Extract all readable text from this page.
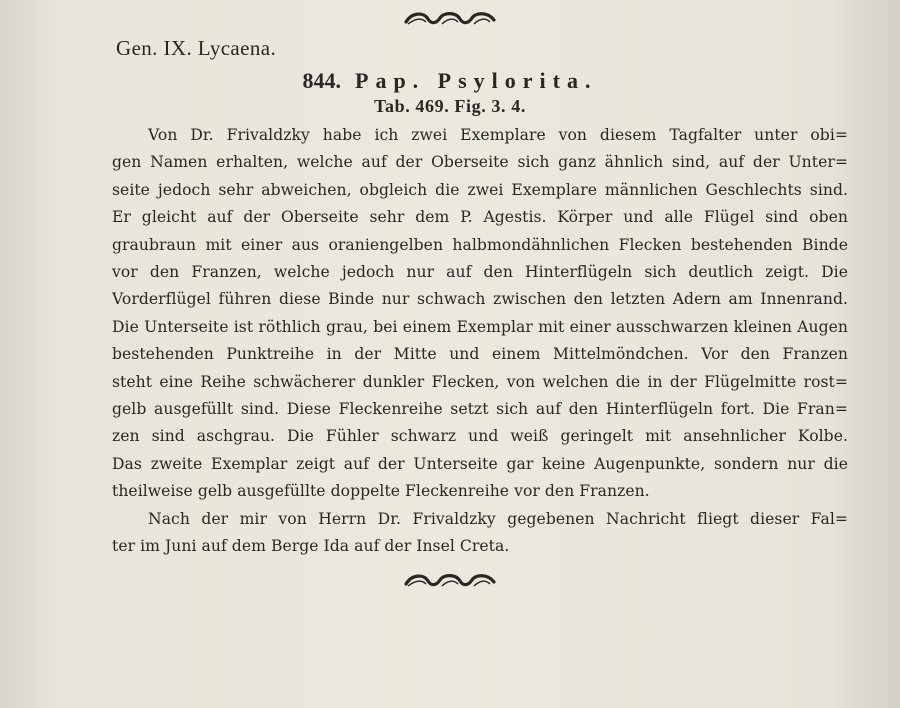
Gen. IX. Lycaena.
844. Pap. Psylorita.
Tab. 469. Fig. 3. 4.
Von Dr. Frivaldzky habe ich zwei Exemplare von diesem Tagfalter unter obi=
gen Namen erhalten, welche auf der Oberseite sich ganz ähnlich sind, auf der Unter=
seite jedoch sehr abweichen, obgleich die zwei Exemplare männlichen Geschlechts sind.
Er gleicht auf der Oberseite sehr dem P. Agestis. Körper und alle Flügel sind oben
graubraun mit einer aus oraniengelben halbmondähnlichen Flecken bestehenden Binde
vor den Franzen, welche jedoch nur auf den Hinterflügeln sich deutlich zeigt. Die
Vorderflügel führen diese Binde nur schwach zwischen den letzten Adern am Innenrand.
Die Unterseite ist röthlich grau, bei einem Exemplar mit einer ausschwarzen kleinen Augen
bestehenden Punktreihe in der Mitte und einem Mittelmöndchen. Vor den Franzen
steht eine Reihe schwächerer dunkler Flecken, von welchen die in der Flügelmitte rost=
gelb ausgefüllt sind. Diese Fleckenreihe setzt sich auf den Hinterflügeln fort. Die Fran=
zen sind aschgrau. Die Fühler schwarz und weiß geringelt mit ansehnlicher Kolbe.
Das zweite Exemplar zeigt auf der Unterseite gar keine Augenpunkte, sondern nur die
theilweise gelb ausgefüllte doppelte Fleckenreihe vor den Franzen.
Nach der mir von Herrn Dr. Frivaldzky gegebenen Nachricht fliegt dieser Fal=
ter im Juni auf dem Berge Ida auf der Insel Creta.
